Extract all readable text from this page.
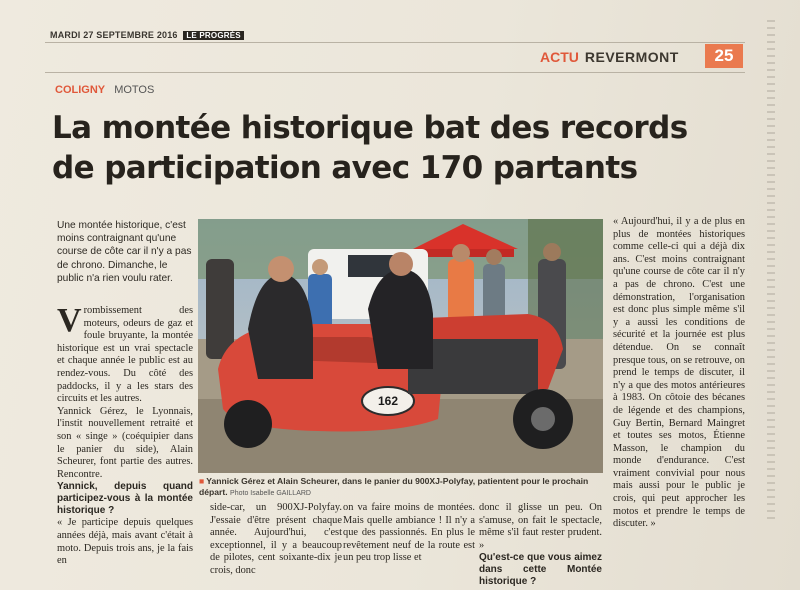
MARDI 27 SEPTEMBRE 2016 LE PROGRÈS
ACTU REVERMONT	25
COLIGNY MOTOS
La montée historique bat des records de participation avec 170 partants
Une montée historique, c'est moins contraignant qu'une course de côte car il n'y a pas de chrono. Dimanche, le public n'a rien voulu rater.
V rombissement des moteurs, odeurs de gaz et foule bruyante, la montée historique est un vrai spectacle et chaque année le public est au rendez-vous. Du côté des paddocks, il y a les stars des circuits et les autres.

Yannick Gérez, le Lyonnais, l'instit nouvellement retraité et son « singe » (coéquipier dans le panier du side), Alain Scheurer, font partie des autres. Rencontre.

Yannick, depuis quand participez-vous à la montée historique ?

« Je participe depuis quelques années déjà, mais avant c'était à moto. Depuis trois ans, je la fais en

162
■ Yannick Gérez et Alain Scheurer, dans le panier du 900XJ-Polyfay, patientent pour le prochain départ. Photo Isabelle GAILLARD

side-car, un 900XJ-Polyfay. J'essaie d'être présent chaque année. Aujourd'hui, c'est exceptionnel, il y a beaucoup de pilotes, cent soixante-dix je crois, donc

on va faire moins de montées. Mais quelle ambiance ! Il n'y a que des passionnés. En plus le revêtement neuf de la route est un peu trop lisse et

donc il glisse un peu. On s'amuse, on fait le spectacle, même s'il faut rester prudent. »

Qu'est-ce que vous aimez dans cette Montée historique ?

« Aujourd'hui, il y a de plus en plus de montées historiques comme celle-ci qui a déjà dix ans. C'est moins contraignant qu'une course de côte car il n'y a pas de chrono. C'est une démonstration, l'organisation est donc plus simple même s'il y a aussi les conditions de sécurité et la journée est plus détendue. On se connaît presque tous, on se retrouve, on prend le temps de discuter, il n'y a que des motos antérieures à 1983. On côtoie des bécanes de légende et des champions, Guy Bertin, Bernard Maingret et toutes ses motos, Étienne Masson, le champion du monde d'endurance. C'est vraiment convivial pour nous mais aussi pour le public je crois, qui peut approcher les motos et prendre le temps de discuter. »
